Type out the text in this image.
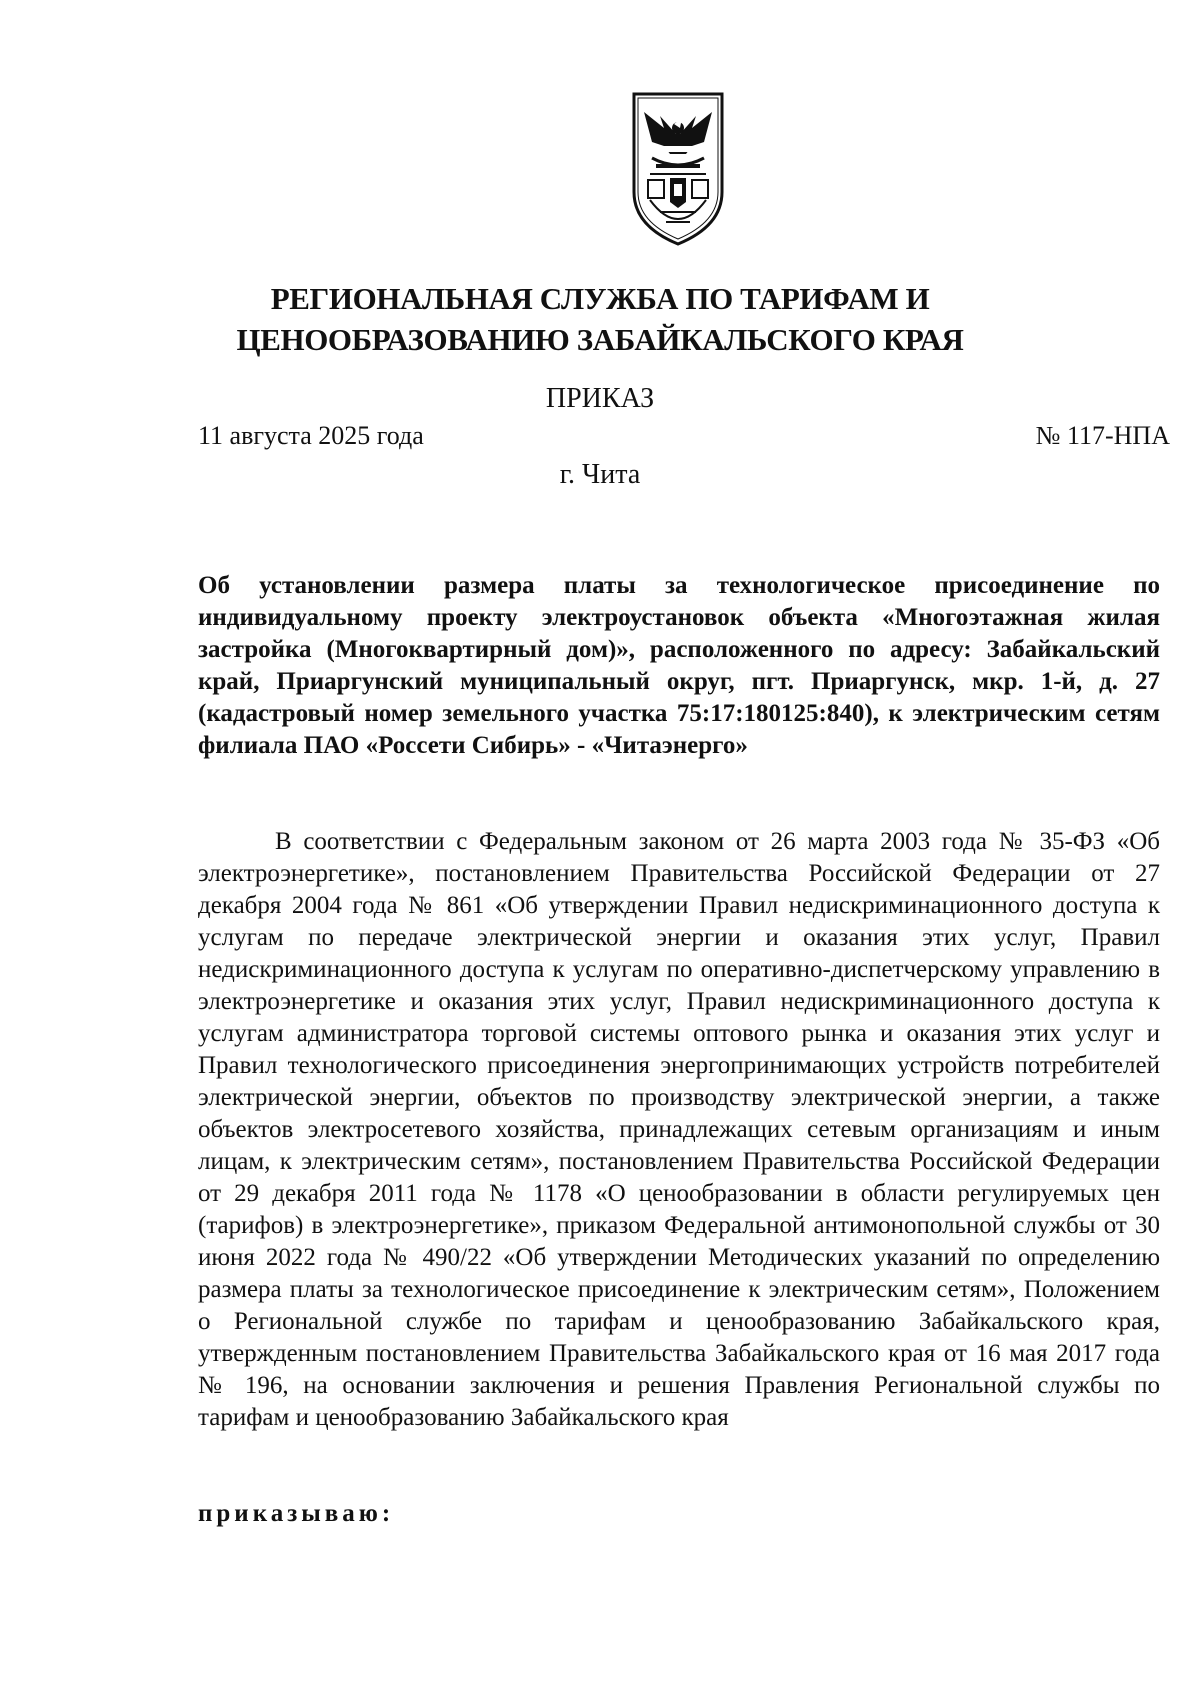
РЕГИОНАЛЬНАЯ СЛУЖБА ПО ТАРИФАМ И
ЦЕНООБРАЗОВАНИЮ ЗАБАЙКАЛЬСКОГО КРАЯ
ПРИКАЗ
11 августа 2025 года	№ 117-НПА
г. Чита
Об установлении размера платы за технологическое присоединение по индивидуальному проекту электроустановок объекта «Многоэтажная жилая застройка (Многоквартирный дом)», расположенного по адресу: Забайкальский край, Приаргунский муниципальный округ, пгт. Приаргунск, мкр. 1-й, д. 27 (кадастровый номер земельного участка 75:17:180125:840), к электрическим сетям филиала ПАО «Россети Сибирь» - «Читаэнерго»
В соответствии с Федеральным законом от 26 марта 2003 года № 35-ФЗ «Об электроэнергетике», постановлением Правительства Российской Федерации от 27 декабря 2004 года № 861 «Об утверждении Правил недискриминационного доступа к услугам по передаче электрической энергии и оказания этих услуг, Правил недискриминационного доступа к услугам по оперативно-диспетчерскому управлению в электроэнергетике и оказания этих услуг, Правил недискриминационного доступа к услугам администратора торговой системы оптового рынка и оказания этих услуг и Правил технологического присоединения энергопринимающих устройств потребителей электрической энергии, объектов по производству электрической энергии, а также объектов электросетевого хозяйства, принадлежащих сетевым организациям и иным лицам, к электрическим сетям», постановлением Правительства Российской Федерации от 29 декабря 2011 года № 1178 «О ценообразовании в области регулируемых цен (тарифов) в электроэнергетике», приказом Федеральной антимонопольной службы от 30 июня 2022 года № 490/22 «Об утверждении Методических указаний по определению размера платы за технологическое присоединение к электрическим сетям», Положением о Региональной службе по тарифам и ценообразованию Забайкальского края, утвержденным постановлением Правительства Забайкальского края от 16 мая 2017 года № 196, на основании заключения и решения Правления Региональной службы по тарифам и ценообразованию Забайкальского края
приказываю:
